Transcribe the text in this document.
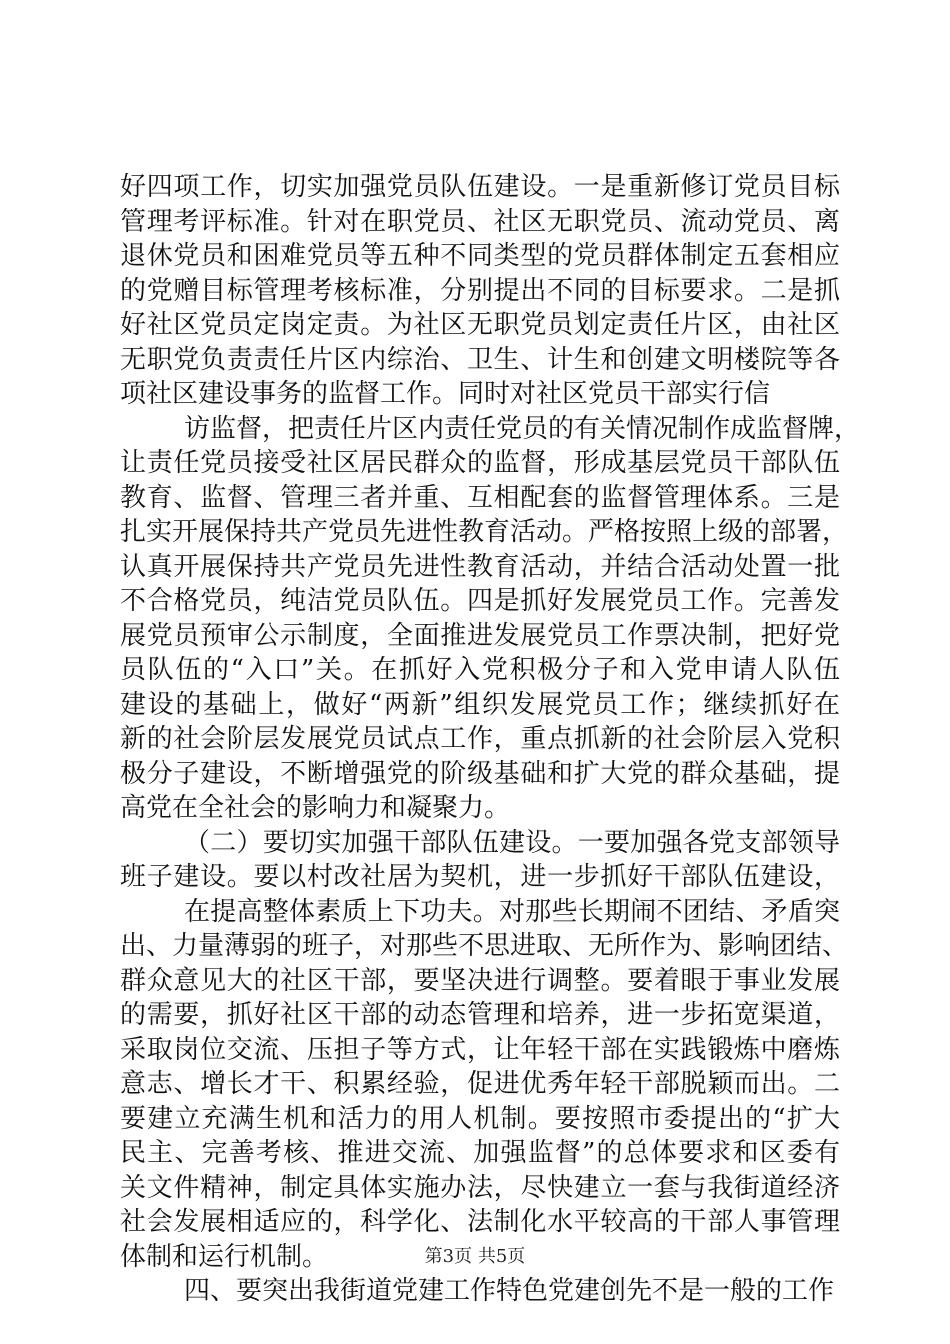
好四项工作，切实加强党员队伍建设。一是重新修订党员目标
管理考评标准。针对在职党员、社区无职党员、流动党员、离
退休党员和困难党员等五种不同类型的党员群体制定五套相应
的党赠目标管理考核标准，分别提出不同的目标要求。二是抓
好社区党员定岗定责。为社区无职党员划定责任片区，由社区
无职党负责责任片区内综治、卫生、计生和创建文明楼院等各
项社区建设事务的监督工作。同时对社区党员干部实行信
访监督，把责任片区内责任党员的有关情况制作成监督牌，
让责任党员接受社区居民群众的监督，形成基层党员干部队伍
教育、监督、管理三者并重、互相配套的监督管理体系。三是
扎实开展保持共产党员先进性教育活动。严格按照上级的部署，
认真开展保持共产党员先进性教育活动，并结合活动处置一批
不合格党员，纯洁党员队伍。四是抓好发展党员工作。完善发
展党员预审公示制度，全面推进发展党员工作票决制，把好党
员队伍的“入口”关。在抓好入党积极分子和入党申请人队伍
建设的基础上，做好“两新”组织发展党员工作；继续抓好在
新的社会阶层发展党员试点工作，重点抓新的社会阶层入党积
极分子建设，不断增强党的阶级基础和扩大党的群众基础，提
高党在全社会的影响力和凝聚力。
（二）要切实加强干部队伍建设。一要加强各党支部领导
班子建设。要以村改社居为契机，进一步抓好干部队伍建设，
在提高整体素质上下功夫。对那些长期闹不团结、矛盾突
出、力量薄弱的班子，对那些不思进取、无所作为、影响团结、
群众意见大的社区干部，要坚决进行调整。要着眼于事业发展
的需要，抓好社区干部的动态管理和培养，进一步拓宽渠道，
采取岗位交流、压担子等方式，让年轻干部在实践锻炼中磨炼
意志、增长才干、积累经验，促进优秀年轻干部脱颖而出。二
要建立充满生机和活力的用人机制。要按照市委提出的“扩大
民主、完善考核、推进交流、加强监督”的总体要求和区委有
关文件精神，制定具体实施办法，尽快建立一套与我街道经济
社会发展相适应的，科学化、法制化水平较高的干部人事管理
体制和运行机制。
四、要突出我街道党建工作特色党建创先不是一般的工作
第3页 共5页
